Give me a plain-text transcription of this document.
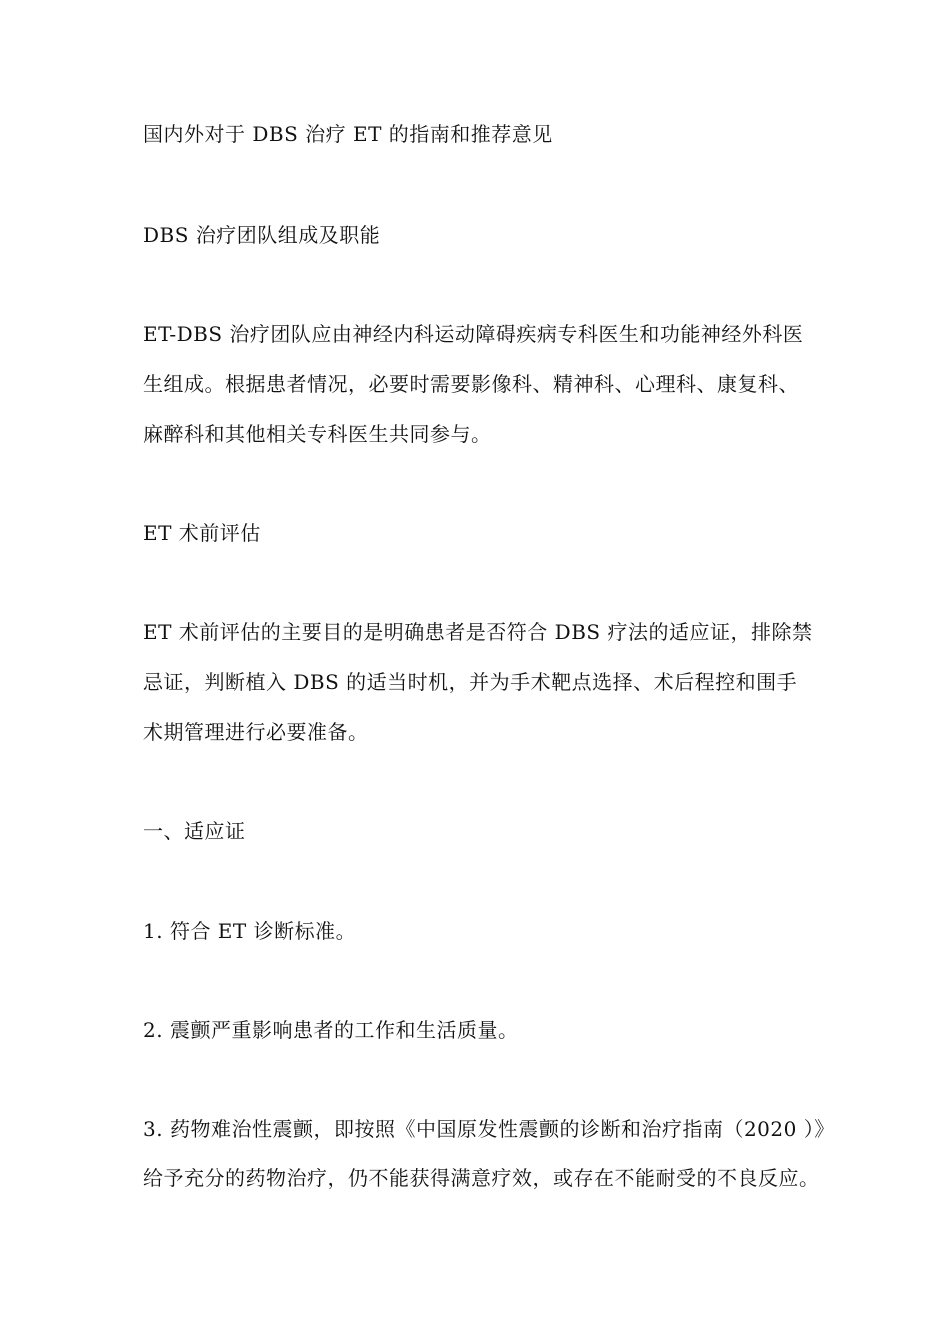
国内外对于 DBS 治疗 ET 的指南和推荐意见
DBS 治疗团队组成及职能
ET-DBS 治疗团队应由神经内科运动障碍疾病专科医生和功能神经外科医
生组成。根据患者情况，必要时需要影像科、精神科、心理科、康复科、
麻醉科和其他相关专科医生共同参与。
ET 术前评估
ET 术前评估的主要目的是明确患者是否符合 DBS 疗法的适应证，排除禁
忌证，判断植入 DBS 的适当时机，并为手术靶点选择、术后程控和围手
术期管理进行必要准备。
一、适应证
1. 符合 ET 诊断标准。
2. 震颤严重影响患者的工作和生活质量。
3. 药物难治性震颤，即按照《中国原发性震颤的诊断和治疗指南（2020 ）》
给予充分的药物治疗，仍不能获得满意疗效，或存在不能耐受的不良反应。
